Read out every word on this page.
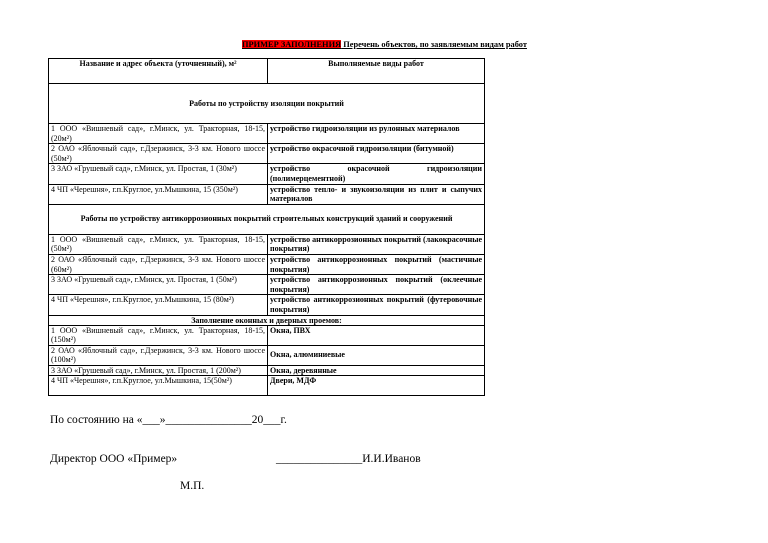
ПРИМЕР ЗАПОЛНЕНИЯ Перечень объектов, по заявляемым видам работ
Название и адрес объекта (уточненный), м²	Выполняемые виды работ
Работы по устройству изоляции покрытий	
1 ООО «Вишневый сад», г.Минск, ул. Тракторная, 18-15, (20м²)	устройство гидроизоляции из рулонных материалов
2 ОАО «Яблочный сад», г.Дзержинск, 3-3 км. Нового шоссе (50м²)	устройство окрасочной гидроизоляции (битумной)
3 ЗАО «Грушевый сад», г.Минск, ул. Простая, 1 (30м²)	устройство окрасочной гидроизоляции (полимерцементной)
4 ЧП «Черешня», г.п.Круглое, ул.Мышкина, 15 (350м²)	устройство тепло- и звукоизоляции из плит и сыпучих материалов
Работы по устройству антикоррозионных покрытий строительных конструкций зданий и сооружений	
1 ООО «Вишневый сад», г.Минск, ул. Тракторная, 18-15, (50м²)	устройство антикоррозионных покрытий (лакокрасочные покрытия)
2 ОАО «Яблочный сад», г.Дзержинск, 3-3 км. Нового шоссе (60м²)	устройство антикоррозионных покрытий (мастичные покрытия)
3 ЗАО «Грушевый сад», г.Минск, ул. Простая, 1 (50м²)	устройство антикоррозионных покрытий (оклеечные покрытия)
4 ЧП «Черешня», г.п.Круглое, ул.Мышкина, 15 (80м²)	устройство антикоррозионных покрытий (футеровочные покрытия)
Заполнение оконных и дверных проемов:	
1 ООО «Вишневый сад», г.Минск, ул. Тракторная, 18-15, (150м²)	Окна, ПВХ
2 ОАО «Яблочный сад», г.Дзержинск, 3-3 км. Нового шоссе (100м²)	Окна, алюминиевые
3 ЗАО «Грушевый сад», г.Минск, ул. Простая, 1 (200м²)	Окна, деревянные
4 ЧП «Черешня», г.п.Круглое, ул.Мышкина, 15(50м²)	Двери, МДФ
По состоянию на «___»_______________20___г.
Директор ООО «Пример»	_______________И.И.Иванов
М.П.
